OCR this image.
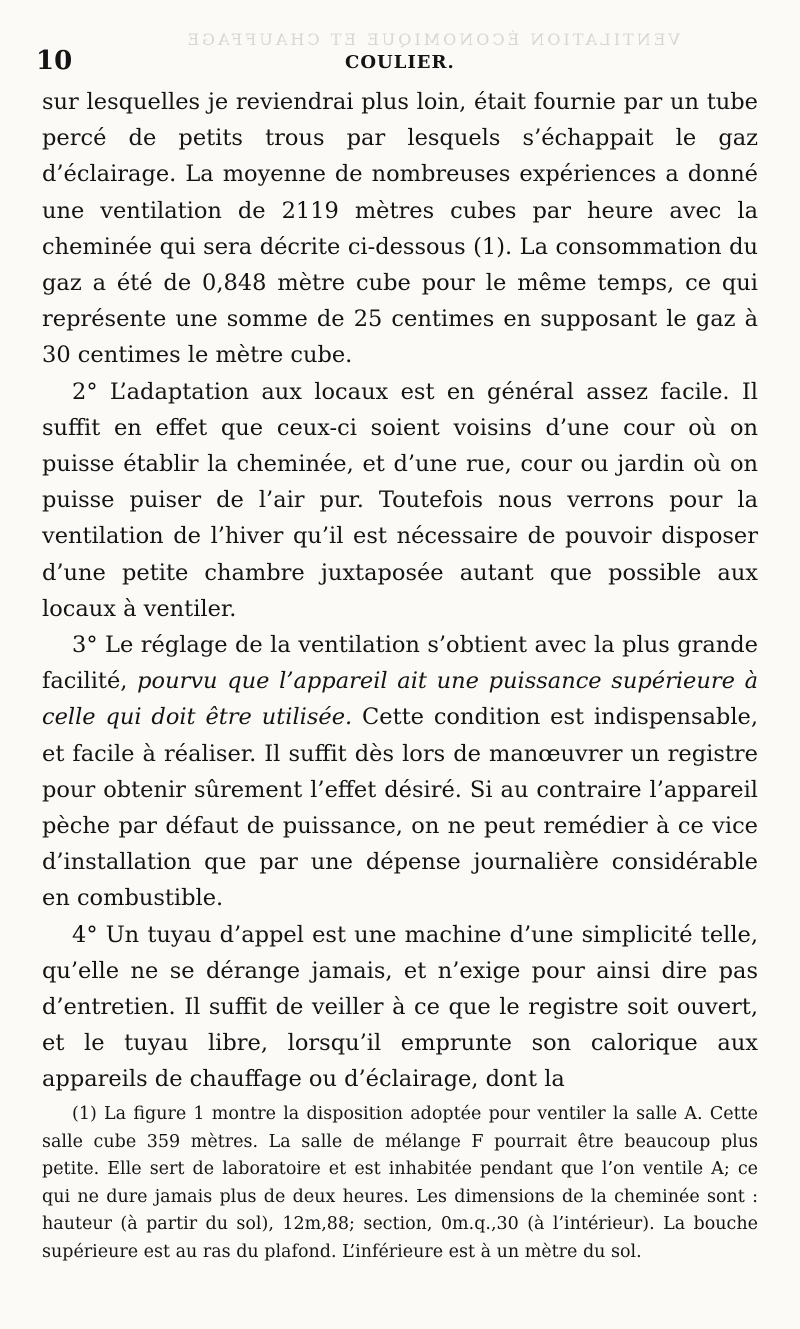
VENTILATION ÉCONOMIQUE ET CHAUFFAGE
10	COULIER.

sur lesquelles je reviendrai plus loin, était fournie par un tube percé de petits trous par lesquels s’échappait le gaz d’éclairage. La moyenne de nombreuses expériences a donné une ventilation de 2119 mètres cubes par heure avec la cheminée qui sera décrite ci-dessous (1). La consommation du gaz a été de 0,848 mètre cube pour le même temps, ce qui représente une somme de 25 centimes en supposant le gaz à 30 centimes le mètre cube.

2° L’adaptation aux locaux est en général assez facile. Il suffit en effet que ceux-ci soient voisins d’une cour où on puisse établir la cheminée, et d’une rue, cour ou jardin où on puisse puiser de l’air pur. Toutefois nous verrons pour la ventilation de l’hiver qu’il est nécessaire de pouvoir disposer d’une petite chambre juxtaposée autant que possible aux locaux à ventiler.

3° Le réglage de la ventilation s’obtient avec la plus grande facilité, pourvu que l’appareil ait une puissance supérieure à celle qui doit être utilisée. Cette condition est indispensable, et facile à réaliser. Il suffit dès lors de manœuvrer un registre pour obtenir sûrement l’effet désiré. Si au contraire l’appareil pèche par défaut de puissance, on ne peut remédier à ce vice d’installation que par une dépense journalière considérable en combustible.

4° Un tuyau d’appel est une machine d’une simplicité telle, qu’elle ne se dérange jamais, et n’exige pour ainsi dire pas d’entretien. Il suffit de veiller à ce que le registre soit ouvert, et le tuyau libre, lorsqu’il emprunte son calorique aux appareils de chauffage ou d’éclairage, dont la

(1) La figure 1 montre la disposition adoptée pour ventiler la salle A. Cette salle cube 359 mètres. La salle de mélange F pourrait être beaucoup plus petite. Elle sert de laboratoire et est inhabitée pendant que l’on ventile A; ce qui ne dure jamais plus de deux heures. Les dimensions de la cheminée sont : hauteur (à partir du sol), 12m,88; section, 0m.q.,30 (à l’intérieur). La bouche supérieure est au ras du plafond. L’inférieure est à un mètre du sol.
